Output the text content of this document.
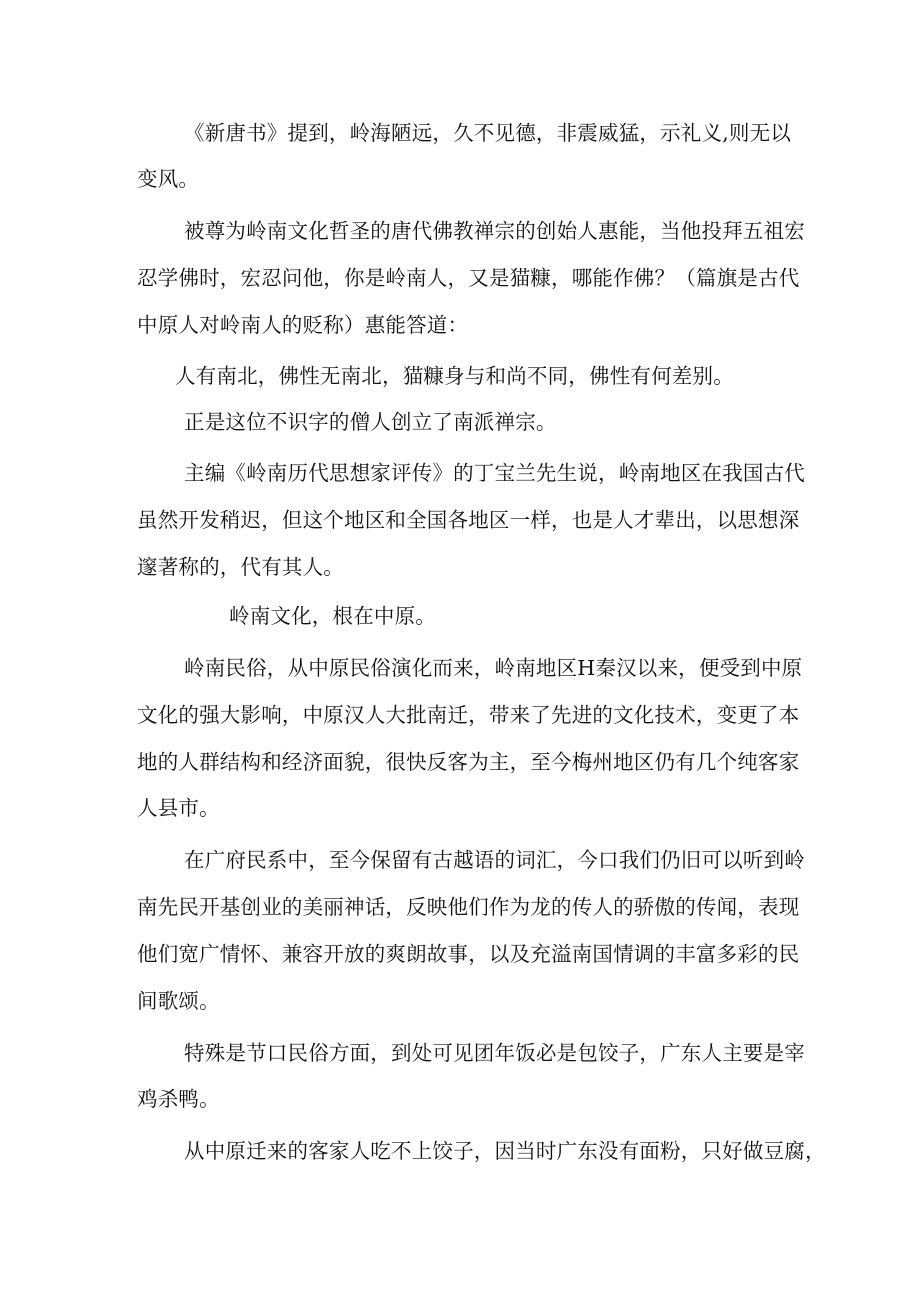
《新唐书》提到，岭海陋远，久不见德，非震威猛，示礼义,则无以
变风。
被尊为岭南文化哲圣的唐代佛教禅宗的创始人惠能，当他投拜五祖宏
忍学佛时，宏忍问他，你是岭南人，又是猫糠，哪能作佛？（篇旗是古代
中原人对岭南人的贬称）惠能答道：
人有南北，佛性无南北，猫糠身与和尚不同，佛性有何差别。
正是这位不识字的僧人创立了南派禅宗。
主编《岭南历代思想家评传》的丁宝兰先生说，岭南地区在我国古代
虽然开发稍迟，但这个地区和全国各地区一样，也是人才辈出，以思想深
邃著称的，代有其人。
岭南文化，根在中原。
岭南民俗，从中原民俗演化而来，岭南地区H秦汉以来，便受到中原
文化的强大影响，中原汉人大批南迁，带来了先进的文化技术，变更了本
地的人群结构和经济面貌，很快反客为主，至今梅州地区仍有几个纯客家
人县市。
在广府民系中，至今保留有古越语的词汇，今口我们仍旧可以听到岭
南先民开基创业的美丽神话，反映他们作为龙的传人的骄傲的传闻，表现
他们宽广情怀、兼容开放的爽朗故事，以及充溢南国情调的丰富多彩的民
间歌颂。
特殊是节口民俗方面，到处可见团年饭必是包饺子，广东人主要是宰
鸡杀鸭。
从中原迁来的客家人吃不上饺子，因当时广东没有面粉，只好做豆腐，
